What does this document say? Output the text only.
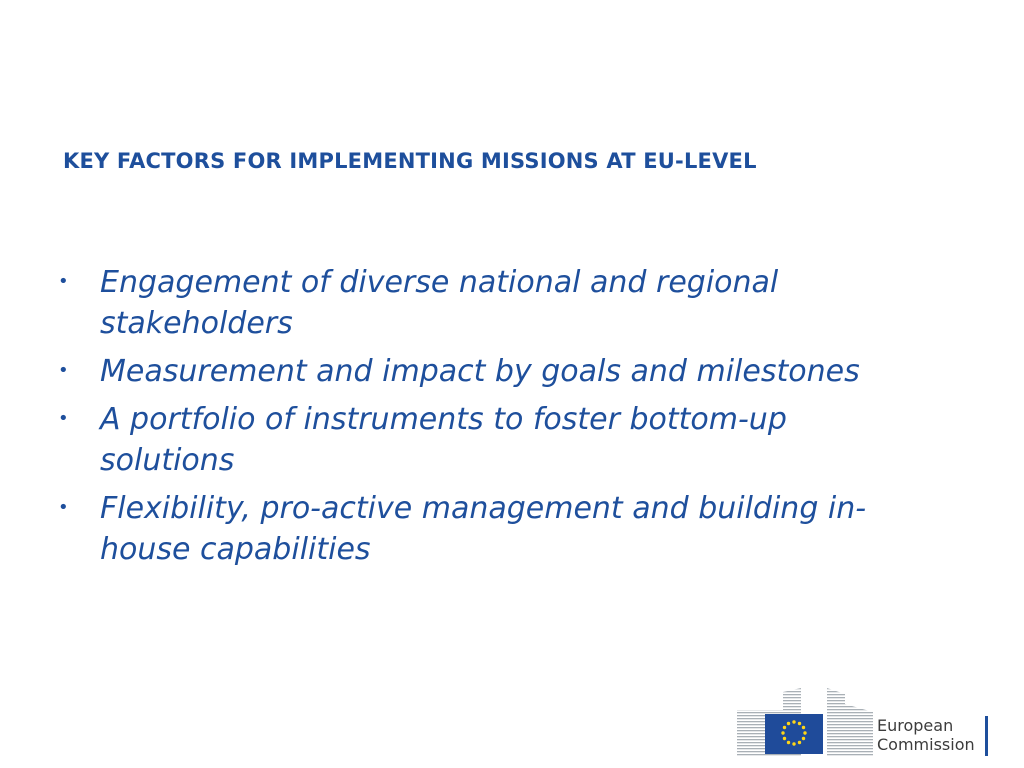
KEY FACTORS FOR IMPLEMENTING MISSIONS AT EU-LEVEL
• Engagement of diverse national and regional stakeholders
• Measurement and impact by goals and milestones
• A portfolio of instruments to foster bottom-up solutions
• Flexibility, pro-active management and building in-house capabilities
European
Commission
